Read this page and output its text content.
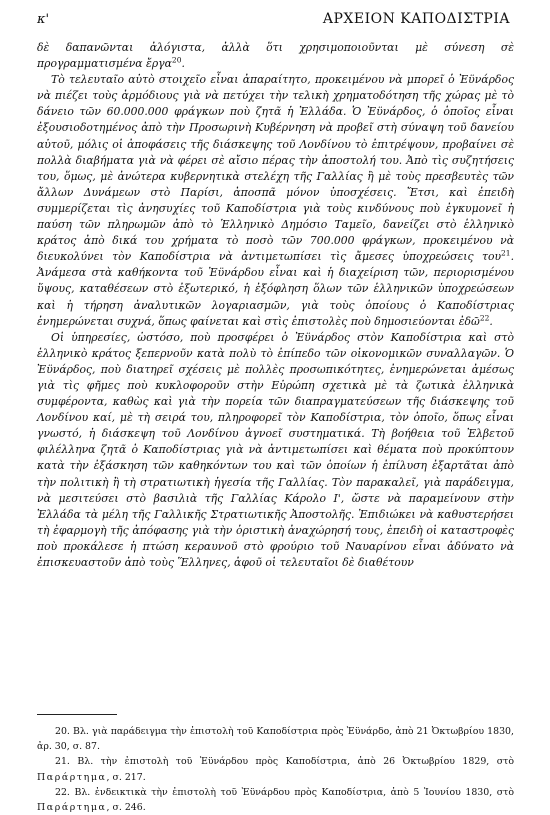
κ'	ΑΡΧΕΙΟΝ ΚΑΠΟΔΙΣΤΡΙΑ

δὲ δαπανῶνται ἀλόγιστα, ἀλλὰ ὅτι χρησιμοποιοῦνται μὲ σύνεση σὲ προγραμματισμένα ἔργα$^{20}$.

Τὸ τελευταῖο αὐτὸ στοιχεῖο εἶναι ἀπαραίτητο, προκειμένου νὰ μπορεῖ ὁ Ἐϋνάρδος νὰ πιέζει τοὺς ἁρμόδιους γιὰ νὰ πετύχει τὴν τελικὴ χρηματοδότηση τῆς χώρας μὲ τὸ δάνειο τῶν 60.000.000 φράγκων ποὺ ζητᾶ ἡ Ἑλλάδα. Ὁ Ἐϋνάρδος, ὁ ὁποῖος εἶναι ἐξουσιοδοτημένος ἀπὸ τὴν Προσωρινὴ Κυβέρνηση νὰ προβεῖ στὴ σύναψη τοῦ δανείου αὐτοῦ, μόλις οἱ ἀποφάσεις τῆς διάσκεψης τοῦ Λονδίνου τὸ ἐπιτρέψουν, προβαίνει σὲ πολλὰ διαβήματα γιὰ νὰ φέρει σὲ αἴσιο πέρας τὴν ἀποστολή του. Ἀπὸ τὶς συζητήσεις του, ὅμως, μὲ ἀνώτερα κυβερνητικὰ στελέχη τῆς Γαλλίας ἢ μὲ τοὺς πρεσβευτὲς τῶν ἄλλων Δυνάμεων στὸ Παρίσι, ἀποσπᾶ μόνον ὑποσχέσεις. Ἔτσι, καὶ ἐπειδὴ συμμερίζεται τὶς ἀνησυχίες τοῦ Καποδίστρια γιὰ τοὺς κινδύνους ποὺ ἐγκυμονεῖ ἡ παύση τῶν πληρωμῶν ἀπὸ τὸ Ἑλληνικὸ Δημόσιο Ταμεῖο, δανείζει στὸ ἑλληνικὸ κράτος ἀπὸ δικά του χρήματα τὸ ποσὸ τῶν 700.000 φράγκων, προκειμένου νὰ διευκολύνει τὸν Καποδίστρια νὰ ἀντιμετωπίσει τὶς ἄμεσες ὑποχρεώσεις του$^{21}$. Ἀνάμεσα στὰ καθήκοντα τοῦ Ἐϋνάρδου εἶναι καὶ ἡ διαχείριση τῶν, περιορισμένου ὕψους, καταθέσεων στὸ ἐξωτερικό, ἡ ἐξόφληση ὅλων τῶν ἑλληνικῶν ὑποχρεώσεων καὶ ἡ τήρηση ἀναλυτικῶν λογαριασμῶν, γιὰ τοὺς ὁποίους ὁ Καποδίστριας ἐνημερώνεται συχνά, ὅπως φαίνεται καὶ στὶς ἐπιστολὲς ποὺ δημοσιεύονται ἐδῶ$^{22}$.

Οἱ ὑπηρεσίες, ὡστόσο, ποὺ προσφέρει ὁ Ἐϋνάρδος στὸν Καποδίστρια καὶ στὸ ἑλληνικὸ κράτος ξεπερνοῦν κατὰ πολὺ τὸ ἐπίπεδο τῶν οἰκονομικῶν συναλλαγῶν. Ὁ Ἐϋνάρδος, ποὺ διατηρεῖ σχέσεις μὲ πολλὲς προσωπικότητες, ἐνημερώνεται ἀμέσως γιὰ τὶς φῆμες ποὺ κυκλοφοροῦν στὴν Εὐρώπη σχετικὰ μὲ τὰ ζωτικὰ ἑλληνικὰ συμφέροντα, καθὼς καὶ γιὰ τὴν πορεία τῶν διαπραγματεύσεων τῆς διάσκεψης τοῦ Λονδίνου καί, μὲ τὴ σειρά του, πληροφορεῖ τὸν Καποδίστρια, τὸν ὁποῖο, ὅπως εἶναι γνωστό, ἡ διάσκεψη τοῦ Λονδίνου ἀγνοεῖ συστηματικά. Τὴ βοήθεια τοῦ Ἐλβετοῦ φιλέλληνα ζητᾶ ὁ Καποδίστριας γιὰ νὰ ἀντιμετωπίσει καὶ θέματα ποὺ προκύπτουν κατὰ τὴν ἐξάσκηση τῶν καθηκόντων του καὶ τῶν ὁποίων ἡ ἐπίλυση ἐξαρτᾶται ἀπὸ τὴν πολιτικὴ ἢ τὴ στρατιωτικὴ ἡγεσία τῆς Γαλλίας. Τὸν παρακαλεῖ, γιὰ παράδειγμα, νὰ μεσιτεύσει στὸ βασιλιὰ τῆς Γαλλίας Κάρολο Ι', ὥστε νὰ παραμείνουν στὴν Ἑλλάδα τὰ μέλη τῆς Γαλλικῆς Στρατιωτικῆς Ἀποστολῆς. Ἐπιδιώκει νὰ καθυστερήσει τὴ ἐφαρμογὴ τῆς ἀπόφασης γιὰ τὴν ὁριστικὴ ἀναχώρησή τους, ἐπειδὴ οἱ καταστροφὲς ποὺ προκάλεσε ἡ πτώση κεραυνοῦ στὸ φρούριο τοῦ Ναυαρίνου εἶναι ἀδύνατο νὰ ἐπισκευαστοῦν ἀπὸ τοὺς Ἕλληνες, ἀφοῦ οἱ τελευταῖοι δὲ διαθέτουν

20. Βλ. γιὰ παράδειγμα τὴν ἐπιστολὴ τοῦ Καποδίστρια πρὸς Ἐϋνάρδο, ἀπὸ 21 Ὀκτωβρίου 1830, ἀρ. 30, σ. 87.

21. Βλ. τὴν ἐπιστολὴ τοῦ Ἐϋνάρδου πρὸς Καποδίστρια, ἀπὸ 26 Ὀκτωβρίου 1829, στὸ Παράρτημα, σ. 217.

22. Βλ. ἐνδεικτικὰ τὴν ἐπιστολὴ τοῦ Ἐϋνάρδου πρὸς Καποδίστρια, ἀπὸ 5 Ἰουνίου 1830, στὸ Παράρτημα, σ. 246.
